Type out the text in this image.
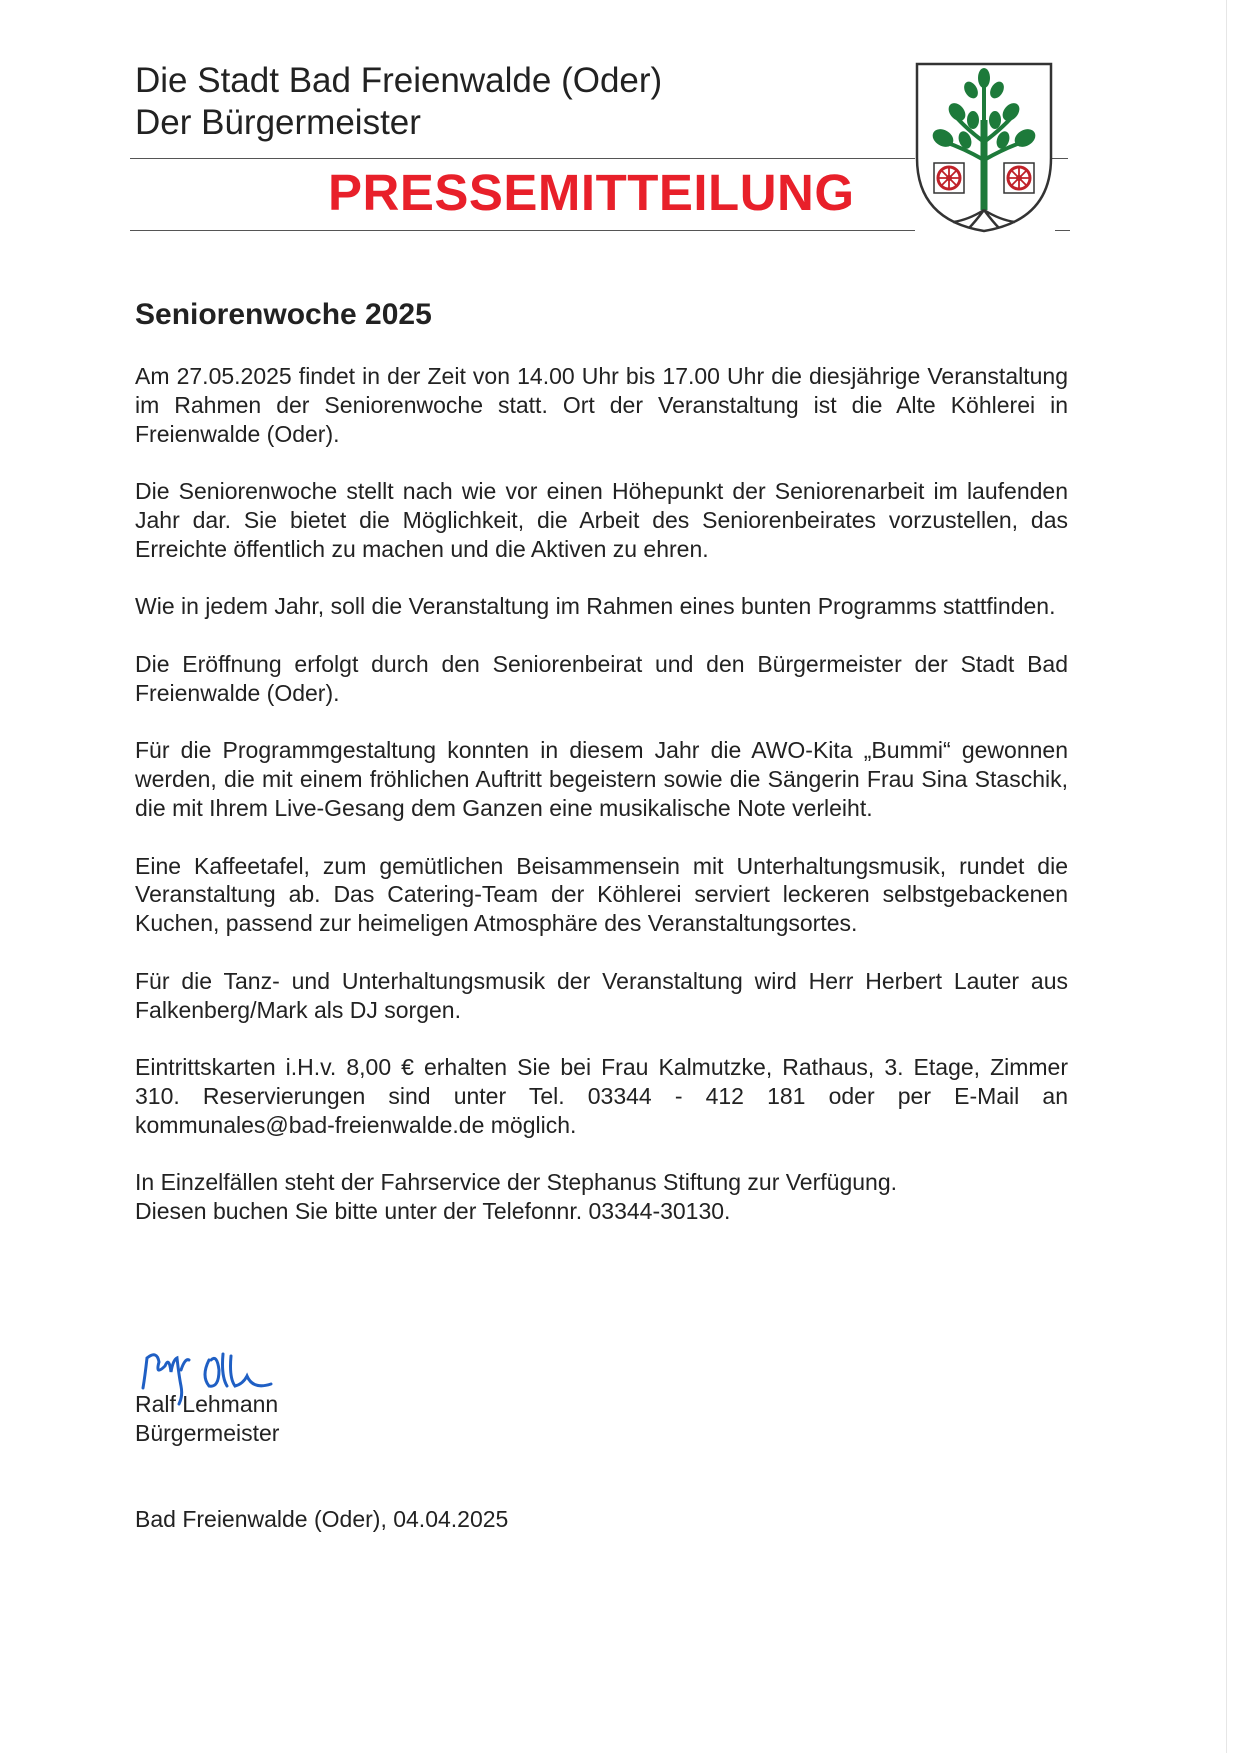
Die Stadt Bad Freienwalde (Oder)
Der Bürgermeister
PRESSEMITTEILUNG
Seniorenwoche 2025

Am 27.05.2025 findet in der Zeit von 14.00 Uhr bis 17.00 Uhr die diesjährige Veranstaltung im Rahmen der Seniorenwoche statt. Ort der Veranstaltung ist die Alte Köhlerei in Freienwalde (Oder).

Die Seniorenwoche stellt nach wie vor einen Höhepunkt der Seniorenarbeit im laufenden Jahr dar. Sie bietet die Möglichkeit, die Arbeit des Seniorenbeirates vorzustellen, das Erreichte öffentlich zu machen und die Aktiven zu ehren.

Wie in jedem Jahr, soll die Veranstaltung im Rahmen eines bunten Programms stattfinden.

Die Eröffnung erfolgt durch den Seniorenbeirat und den Bürgermeister der Stadt Bad Freienwalde (Oder).

Für die Programmgestaltung konnten in diesem Jahr die AWO-Kita „Bummi“ gewonnen werden, die mit einem fröhlichen Auftritt begeistern sowie die Sängerin Frau Sina Staschik, die mit Ihrem Live-Gesang dem Ganzen eine musikalische Note verleiht.

Eine Kaffeetafel, zum gemütlichen Beisammensein mit Unterhaltungsmusik, rundet die Veranstaltung ab. Das Catering-Team der Köhlerei serviert leckeren selbstgebackenen Kuchen, passend zur heimeligen Atmosphäre des Veranstaltungsortes.

Für die Tanz- und Unterhaltungsmusik der Veranstaltung wird Herr Herbert Lauter aus Falkenberg/Mark als DJ sorgen.

Eintrittskarten i.H.v. 8,00 € erhalten Sie bei Frau Kalmutzke, Rathaus, 3. Etage, Zimmer 310. Reservierungen sind unter Tel. 03344 - 412 181 oder per E-Mail an kommunales@bad-freienwalde.de möglich.

In Einzelfällen steht der Fahrservice der Stephanus Stiftung zur Verfügung.
Diesen buchen Sie bitte unter der Telefonnr. 03344-30130.

Ralf Lehmann
Bürgermeister
Bad Freienwalde (Oder), 04.04.2025
